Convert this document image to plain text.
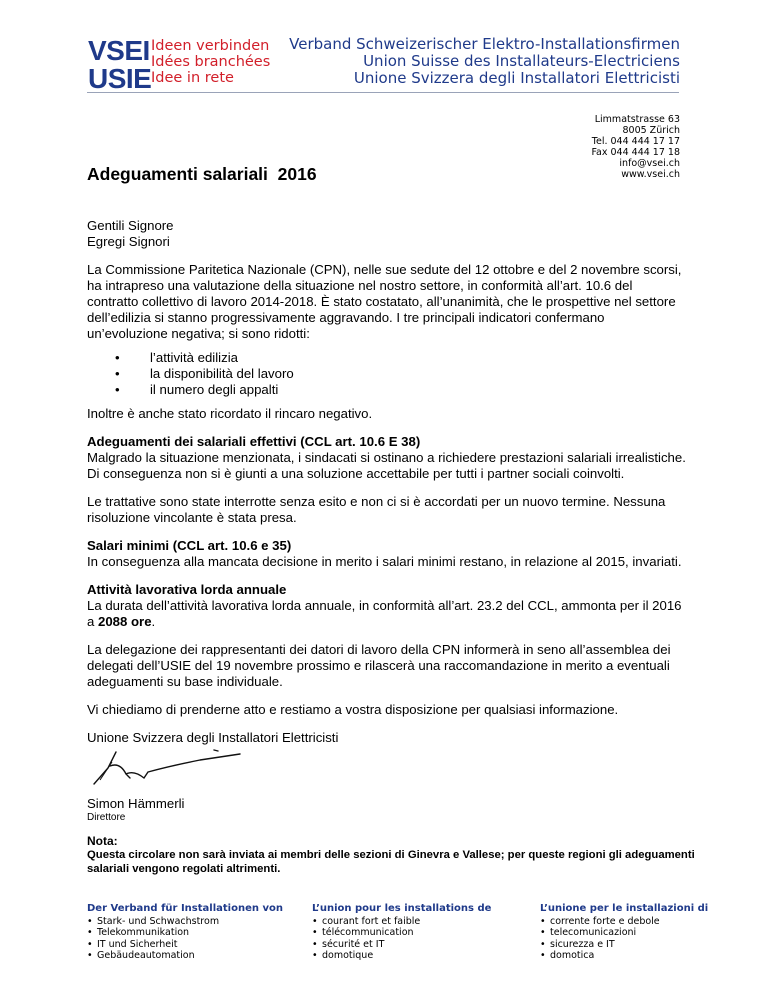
VSEI
USIE
Ideen verbinden
Idées branchées
Idee in rete
Verband Schweizerischer Elektro-Installationsfirmen
Union Suisse des Installateurs-Electriciens
Unione Svizzera degli Installatori Elettricisti
Limmatstrasse 63
8005 Zürich
Tel. 044 444 17 17
Fax 044 444 17 18
info@vsei.ch
www.vsei.ch
Adeguamenti salariali  2016

Gentili Signore

Egregi Signori

La Commissione Paritetica Nazionale (CPN), nelle sue sedute del 12 ottobre e del 2 novembre scorsi, ha intrapreso una valutazione della situazione nel nostro settore, in conformità all’art. 10.6 del contratto collettivo di lavoro 2014-2018. È stato costatato, all’unanimità, che le prospettive nel settore dell’edilizia si stanno progressivamente aggravando. I tre principali indicatori confermano un’evoluzione negativa; si sono ridotti:

• l’attività edilizia
• la disponibilità del lavoro
• il numero degli appalti

Inoltre è anche stato ricordato il rincaro negativo.

Adeguamenti dei salariali effettivi (CCL art. 10.6 E 38)

Malgrado la situazione menzionata, i sindacati si ostinano a richiedere prestazioni salariali irrealistiche. Di conseguenza non si è giunti a una soluzione accettabile per tutti i partner sociali coinvolti.

Le trattative sono state interrotte senza esito e non ci si è accordati per un nuovo termine. Nessuna risoluzione vincolante è stata presa.

Salari minimi (CCL art. 10.6 e 35)

In conseguenza alla mancata decisione in merito i salari minimi restano, in relazione al 2015, invariati.

Attività lavorativa lorda annuale

La durata dell’attività lavorativa lorda annuale, in conformità all’art. 23.2 del CCL, ammonta per il 2016 a 2088 ore.

La delegazione dei rappresentanti dei datori di lavoro della CPN informerà in seno all’assemblea dei delegati dell’USIE del 19 novembre prossimo e rilascerà una raccomandazione in merito a eventuali adeguamenti su base individuale.

Vi chiediamo di prenderne atto e restiamo a vostra disposizione per qualsiasi informazione.

Unione Svizzera degli Installatori Elettricisti

Simon Hämmerli

Direttore

Nota:
Questa circolare non sarà inviata ai membri delle sezioni di Ginevra e Vallese; per queste regioni gli adeguamenti salariali vengono regolati altrimenti.
Der Verband für Installationen von
• Stark- und Schwachstrom
• Telekommunikation
• IT und Sicherheit
• Gebäudeautomation
L’union pour les installations de
• courant fort et faible
• télécommunication
• sécurité et IT
• domotique
L’unione per le installazioni di
• corrente forte e debole
• telecomunicazioni
• sicurezza e IT
• domotica
